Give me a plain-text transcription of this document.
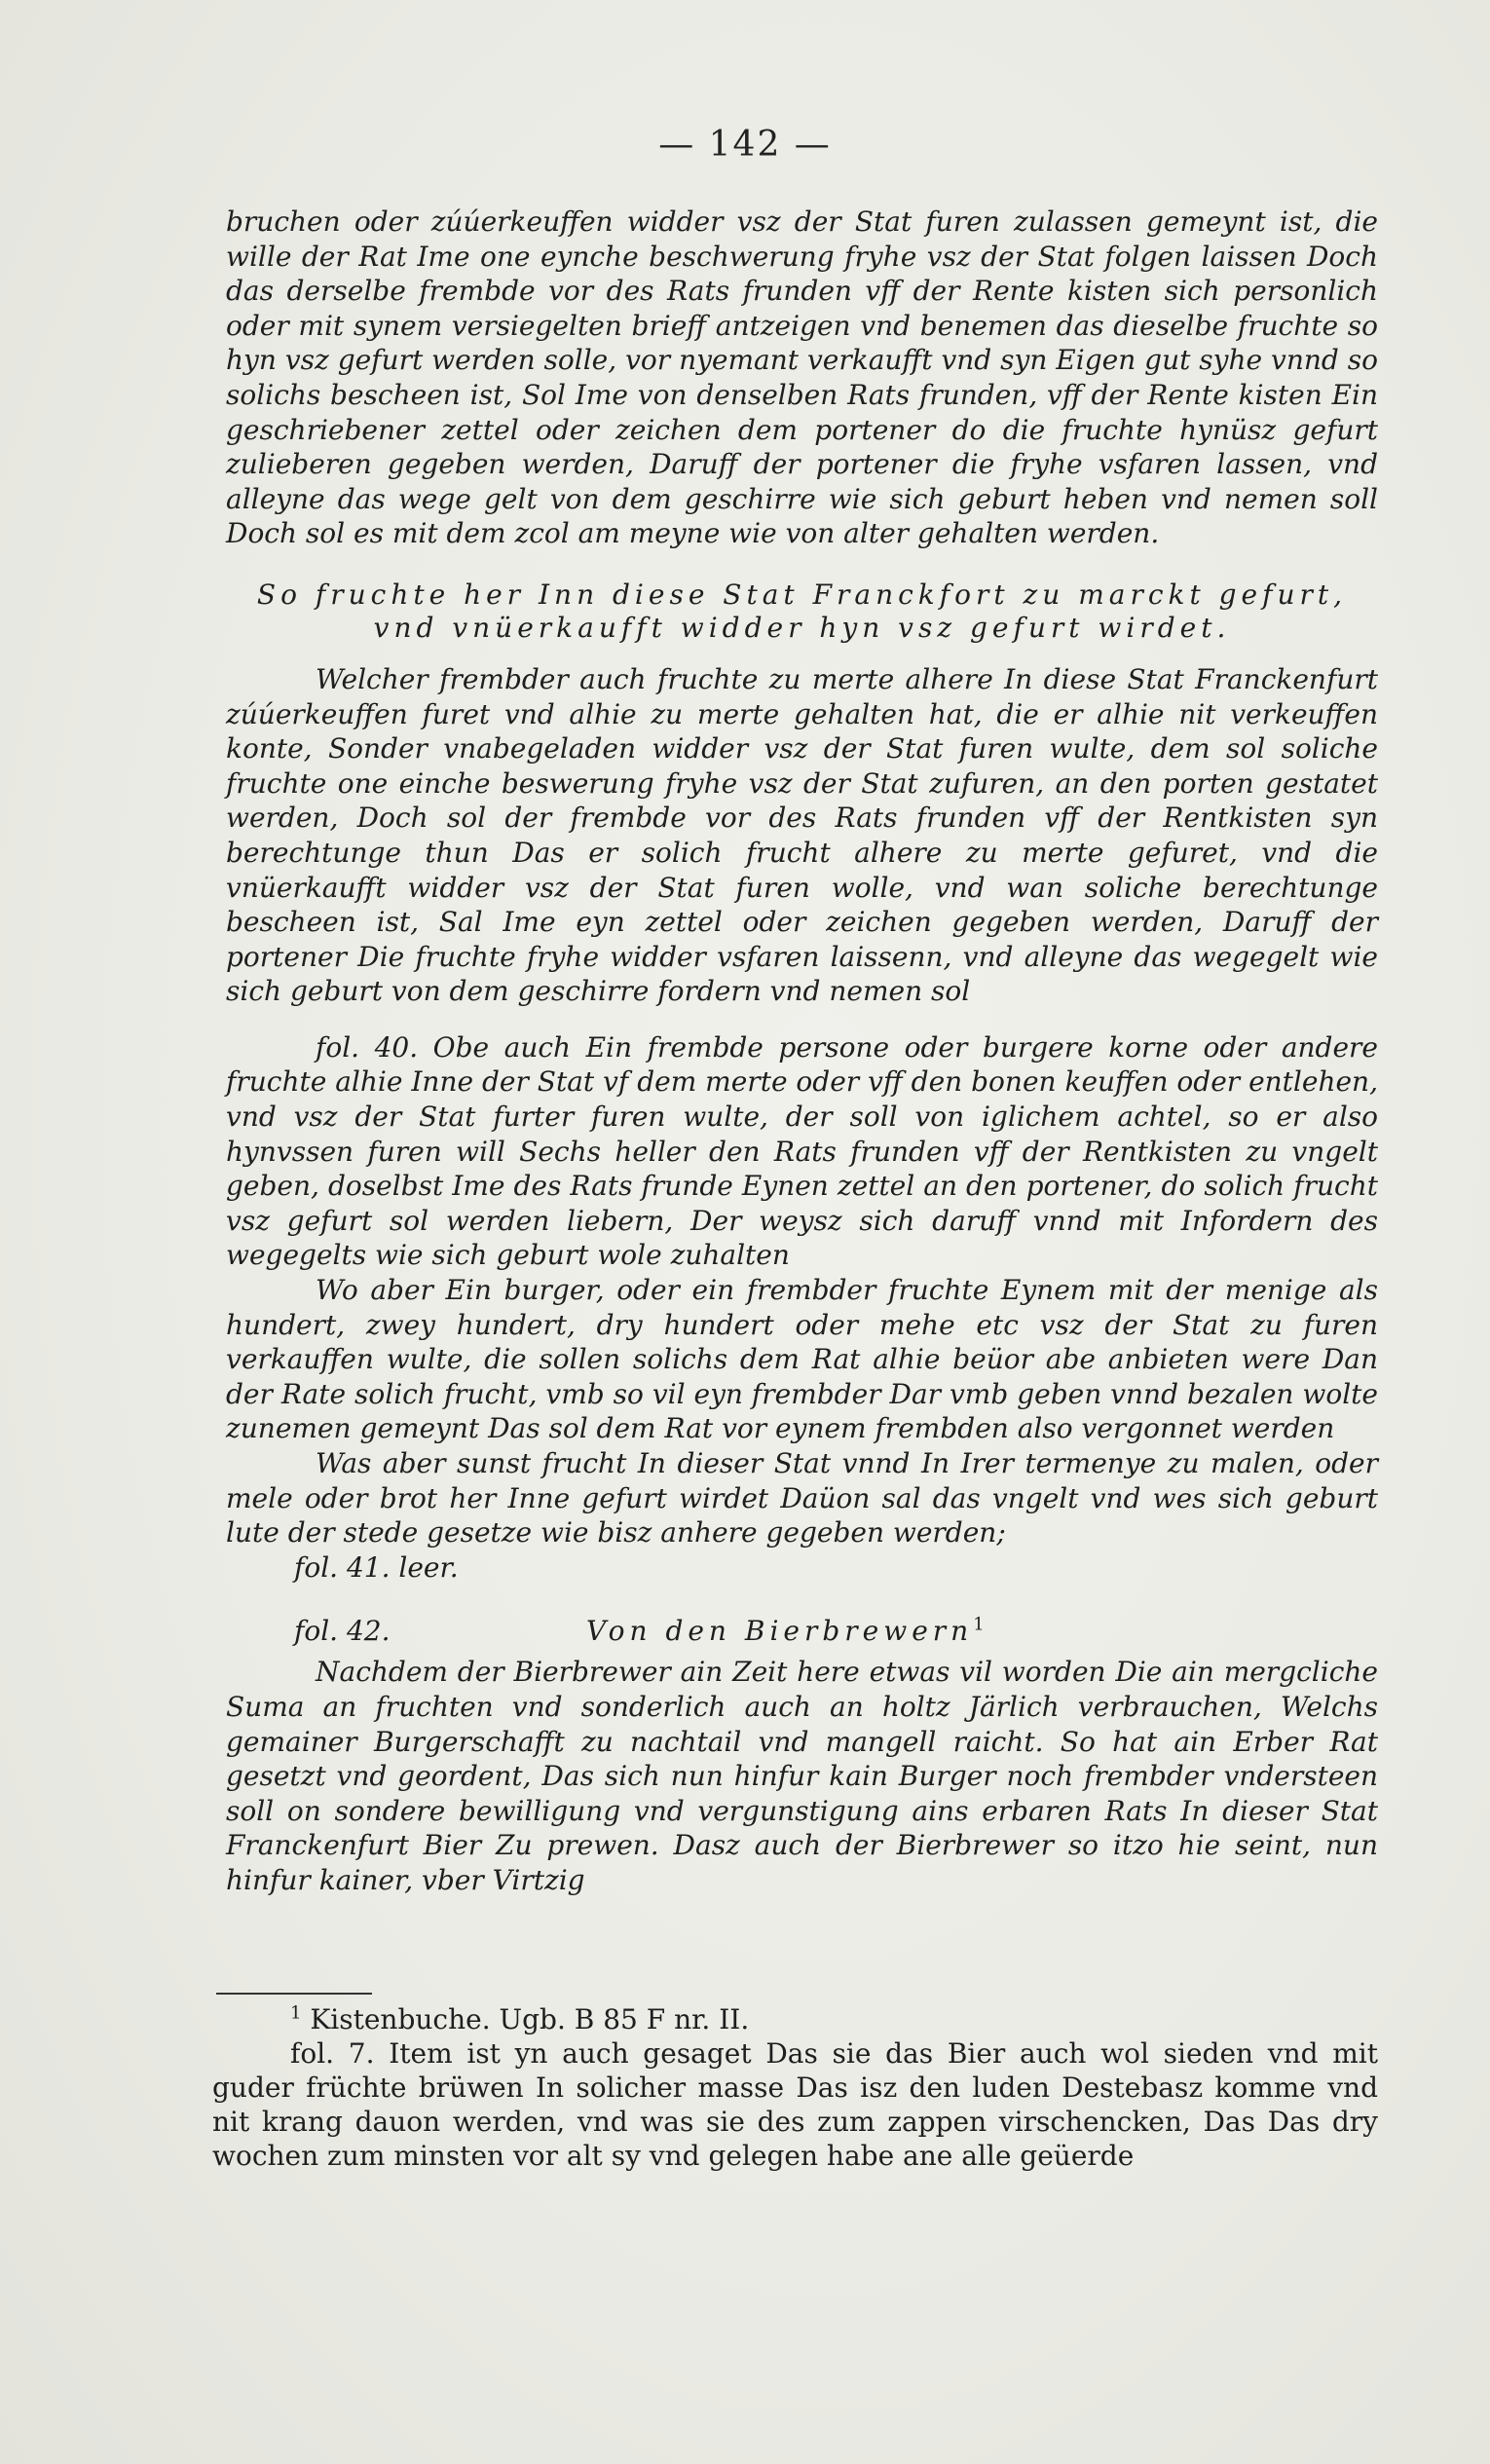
— 142 —

bruchen oder zúúerkeuffen widder vsz der Stat furen zulassen gemeynt ist, die wille der Rat Ime one eynche beschwerung fryhe vsz der Stat folgen laissen Doch das derselbe frembde vor des Rats frunden vff der Rente kisten sich personlich oder mit synem versiegelten brieff antzeigen vnd benemen das dieselbe fruchte so hyn vsz gefurt werden solle, vor nyemant verkaufft vnd syn Eigen gut syhe vnnd so solichs bescheen ist, Sol Ime von denselben Rats frunden, vff der Rente kisten Ein geschriebener zettel oder zeichen dem portener do die fruchte hynüsz gefurt zulieberen gegeben werden, Daruff der portener die fryhe vsfaren lassen, vnd alleyne das wege gelt von dem geschirre wie sich geburt heben vnd nemen soll Doch sol es mit dem zcol am meyne wie von alter gehalten werden.

So fruchte her Inn diese Stat Franckfort zu marckt gefurt, vnd vnüerkaufft widder hyn vsz gefurt wirdet.

Welcher frembder auch fruchte zu merte alhere In diese Stat Franckenfurt zúúerkeuffen furet vnd alhie zu merte gehalten hat, die er alhie nit verkeuffen konte, Sonder vnabegeladen widder vsz der Stat furen wulte, dem sol soliche fruchte one einche beswerung fryhe vsz der Stat zufuren, an den porten gestatet werden, Doch sol der frembde vor des Rats frunden vff der Rentkisten syn berechtunge thun Das er solich frucht alhere zu merte gefuret, vnd die vnüerkaufft widder vsz der Stat furen wolle, vnd wan soliche berechtunge bescheen ist, Sal Ime eyn zettel oder zeichen gegeben werden, Daruff der portener Die fruchte fryhe widder vsfaren laissenn, vnd alleyne das wegegelt wie sich geburt von dem geschirre fordern vnd nemen sol

fol. 40. Obe auch Ein frembde persone oder burgere korne oder andere fruchte alhie Inne der Stat vf dem merte oder vff den bonen keuffen oder entlehen, vnd vsz der Stat furter furen wulte, der soll von iglichem achtel, so er also hynvssen furen will Sechs heller den Rats frunden vff der Rentkisten zu vngelt geben, doselbst Ime des Rats frunde Eynen zettel an den portener, do solich frucht vsz gefurt sol werden liebern, Der weysz sich daruff vnnd mit Infordern des wegegelts wie sich geburt wole zuhalten

Wo aber Ein burger, oder ein frembder fruchte Eynem mit der menige als hundert, zwey hundert, dry hundert oder mehe etc vsz der Stat zu furen verkauffen wulte, die sollen solichs dem Rat alhie beüor abe anbieten were Dan der Rate solich frucht, vmb so vil eyn frembder Dar vmb geben vnnd bezalen wolte zunemen gemeynt Das sol dem Rat vor eynem frembden also vergonnet werden

Was aber sunst frucht In dieser Stat vnnd In Irer termenye zu malen, oder mele oder brot her Inne gefurt wirdet Daüon sal das vngelt vnd wes sich geburt lute der stede gesetze wie bisz anhere gegeben werden;

fol. 41. leer.

fol. 42.	Von den Bierbrewern$^1$

Nachdem der Bierbrewer ain Zeit here etwas vil worden Die ain mergcliche Suma an fruchten vnd sonderlich auch an holtz Järlich verbrauchen, Welchs gemainer Burgerschafft zu nachtail vnd mangell raicht. So hat ain Erber Rat gesetzt vnd geordent, Das sich nun hinfur kain Burger noch frembder vndersteen soll on sondere bewilligung vnd vergunstigung ains erbaren Rats In dieser Stat Franckenfurt Bier Zu prewen. Dasz auch der Bierbrewer so itzo hie seint, nun hinfur kainer, vber Virtzig

$^1$ Kistenbuche. Ugb. B 85 F nr. II.

fol. 7. Item ist yn auch gesaget Das sie das Bier auch wol sieden vnd mit guder früchte brüwen In solicher masse Das isz den luden Destebasz komme vnd nit krang dauon werden, vnd was sie des zum zappen virschencken, Das Das dry wochen zum minsten vor alt sy vnd gelegen habe ane alle geüerde
